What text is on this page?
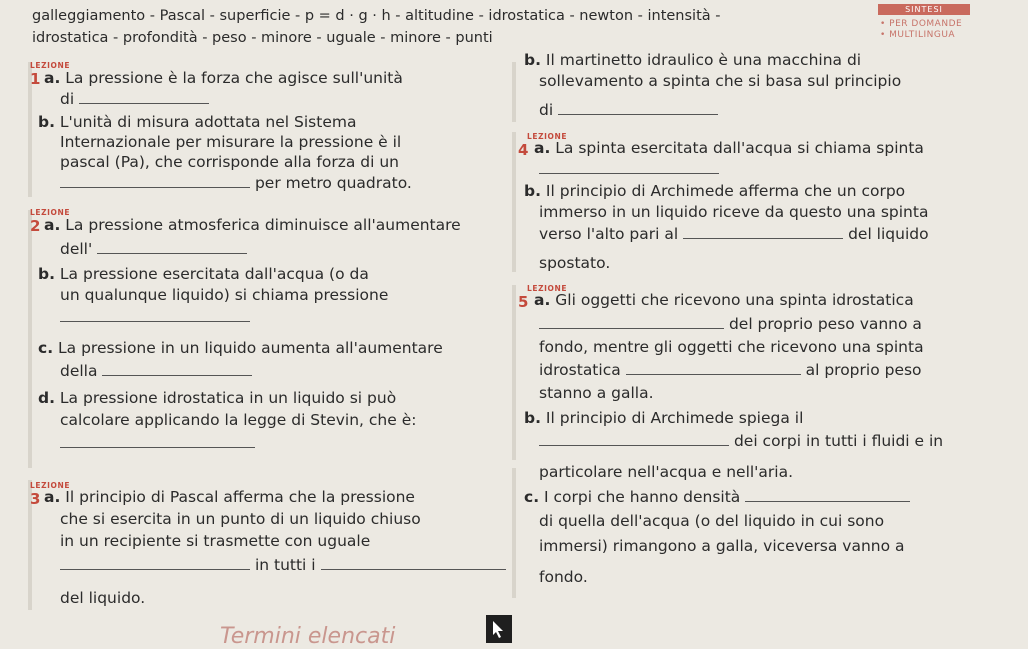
galleggiamento - Pascal - superficie - p = d · g · h - altitudine - idrostatica - newton - intensità -
idrostatica - profondità - peso - minore - uguale - minore - punti
SINTESI
• PER DOMANDE
• MULTILINGUA
LEZIONE
1 a. La pressione è la forza che agisce sull'unità
di
b. L'unità di misura adottata nel Sistema
Internazionale per misurare la pressione è il
pascal (Pa), che corrisponde alla forza di un
per metro quadrato.
LEZIONE
2 a. La pressione atmosferica diminuisce all'aumentare
dell'
b. La pressione esercitata dall'acqua (o da
un qualunque liquido) si chiama pressione
c. La pressione in un liquido aumenta all'aumentare
della
d. La pressione idrostatica in un liquido si può
calcolare applicando la legge di Stevin, che è:
LEZIONE
3 a. Il principio di Pascal afferma che la pressione
che si esercita in un punto di un liquido chiuso
in un recipiente si trasmette con uguale
in tutti i
del liquido.
b. Il martinetto idraulico è una macchina di
sollevamento a spinta che si basa sul principio
di
LEZIONE
4 a. La spinta esercitata dall'acqua si chiama spinta
b. Il principio di Archimede afferma che un corpo
immerso in un liquido riceve da questo una spinta
verso l'alto pari al	del liquido
spostato.
LEZIONE
5 a. Gli oggetti che ricevono una spinta idrostatica
del proprio peso vanno a
fondo, mentre gli oggetti che ricevono una spinta
idrostatica	al proprio peso
stanno a galla.
b. Il principio di Archimede spiega il
dei corpi in tutti i fluidi e in
particolare nell'acqua e nell'aria.
c. I corpi che hanno densità
di quella dell'acqua (o del liquido in cui sono
immersi) rimangono a galla, viceversa vanno a
fondo.
Termini elencati
